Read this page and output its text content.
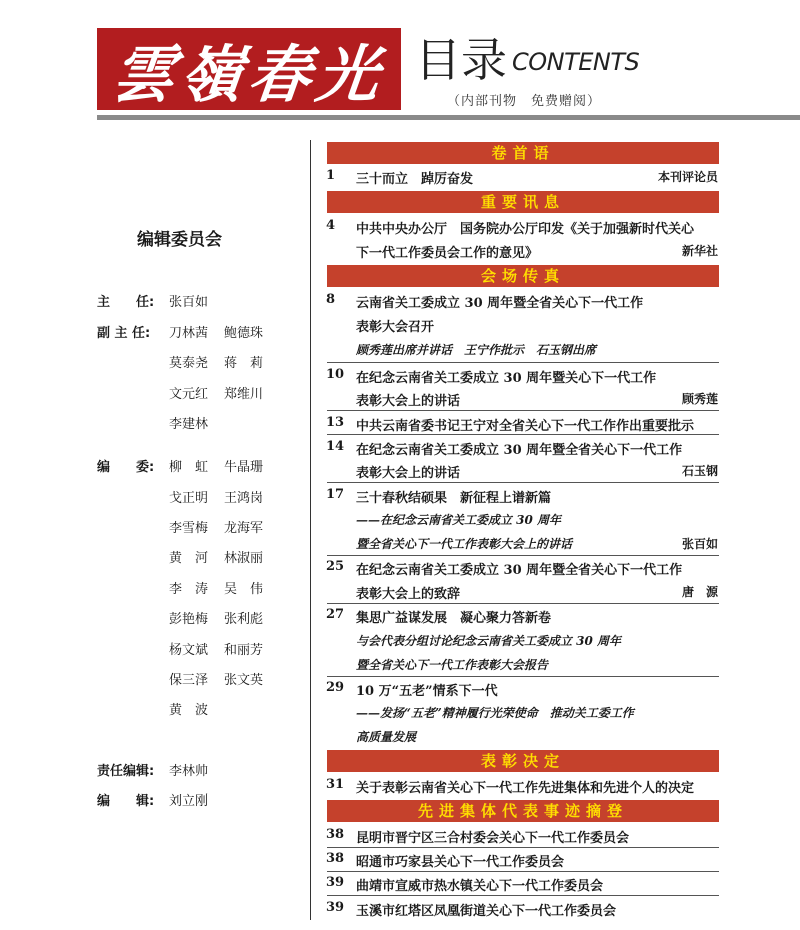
雲嶺春光 目录 CONTENTS
（内部刊物　免费赠阅）
编辑委员会
主　　任: 张百如
副 主 任: 刀林茜 鲍德珠
莫泰尧 蒋　莉
文元红 郑维川
李建林
编　　委: 柳　虹 牛晶珊
戈正明 王鸿岗
李雪梅 龙海军
黄　河 林淑丽
李　涛 吴　伟
彭艳梅 张利彪
杨文斌 和丽芳
保三泽 张文英
黄　波
责任编辑: 李林帅
编　　辑: 刘立刚
卷首语
1 三十而立　踔厉奋发	本刊评论员
重要讯息
4 中共中央办公厅　国务院办公厅印发《关于加强新时代关心
下一代工作委员会工作的意见》	新华社
会场传真
8 云南省关工委成立 30 周年暨全省关心下一代工作
表彰大会召开
顾秀莲出席并讲话　王宁作批示　石玉钢出席
10 在纪念云南省关工委成立 30 周年暨关心下一代工作
表彰大会上的讲话	顾秀莲
13 中共云南省委书记王宁对全省关心下一代工作作出重要批示
14 在纪念云南省关工委成立 30 周年暨全省关心下一代工作
表彰大会上的讲话	石玉钢
17 三十春秋结硕果　新征程上谱新篇
——在纪念云南省关工委成立 30 周年
暨全省关心下一代工作表彰大会上的讲话	张百如
25 在纪念云南省关工委成立 30 周年暨全省关心下一代工作
表彰大会上的致辞	唐　源
27 集思广益谋发展　凝心聚力答新卷
与会代表分组讨论纪念云南省关工委成立 30 周年
暨全省关心下一代工作表彰大会报告
29 10 万“五老”情系下一代
——发扬“五老”精神履行光荣使命　推动关工委工作
高质量发展
表彰决定
31 关于表彰云南省关心下一代工作先进集体和先进个人的决定
先进集体代表事迹摘登
38 昆明市晋宁区三合村委会关心下一代工作委员会
38 昭通市巧家县关心下一代工作委员会
39 曲靖市宣威市热水镇关心下一代工作委员会
39 玉溪市红塔区凤凰街道关心下一代工作委员会
